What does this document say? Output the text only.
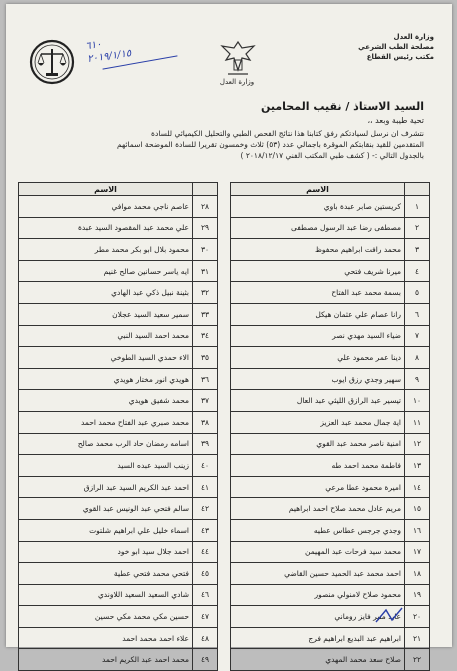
وزارة العدل
مصلحة الطب الشرعي
مكتب رئيس القطاع
وزارة العدل
٦١٠
٢٠١٩/١/١٥
السيد الاستاذ / نقيب المحامين
تحية طيبة وبعد ،،

نتشرف ان نرسل لسيادتكم رفق كتابنا هذا نتائج الفحص الطبي والتحليل الكيميائي للسادة

المتقدمين للقيد بنقابتكم الموقرة باجمالي عدد (٥٣) ثلاث وخمسون تقريرا للسادة الموضحة اسمائهم

بالجدول التالي :- ( كشف طبي المكتب الفني ٢٠١٨/١٢/١٧ )

	الاسم			الاسم
١	كريستين صابر عبدة باوي		٢٨	عاصم ناجي محمد موافي
٢	مصطفى رضا عبد الرسول مصطفى		٢٩	علي محمد عبد المقصود السيد عبدة
٣	محمد رافت ابراهيم محفوظ		٣٠	محمود بلال ابو بكر محمد مطر
٤	ميرنا شريف فتحي		٣١	ايه ياسر حسانين صالح غنيم
٥	بسمة محمد عبد الفتاح		٣٢	بثينة نبيل ذكي عبد الهادي
٦	رانا عصام علي عثمان هيكل		٣٣	سمير سعيد السيد عجلان
٧	ضياء السيد مهدي نصر		٣٤	محمد احمد السيد النبي
٨	دينا عمر محمود علي		٣٥	الاء حمدي السيد الطوخي
٩	سهير وجدي رزق ايوب		٣٦	هويدي انور مختار هويدي
١٠	تيسير عبد الرازق الليثي عبد العال		٣٧	محمد شفيق هويدي
١١	اية جمال محمد عبد العزيز		٣٨	محمد صبري عبد الفتاح محمد احمد
١٢	امنية ناصر محمد عبد القوي		٣٩	اسامه رمضان حاد الرب محمد صالح
١٣	فاطمة محمد احمد طه		٤٠	زينب السيد عبده السيد
١٤	اميرة محمود عطا مرعي		٤١	احمد عبد الكريم السيد عبد الرازق
١٥	مريم عادل محمد صلاح احمد ابراهيم		٤٢	سالم فتحي عبد الونيس عبد القوي
١٦	وجدي جرجس عطاس عطيه		٤٣	اسماء خليل علي ابراهيم شلتوت
١٧	محمد سيد فرحات عبد المهيمن		٤٤	احمد جلال سيد ابو خود
١٨	احمد محمد عبد الحميد حسين القاضي		٤٥	فتحي محمد فتحي عطية
١٩	محمود صلاح لامنولي منصور		٤٦	شادي السعيد السعيد اللاوندي
٢٠	عايد منير فايز روماني		٤٧	حسين مكي محمد مكي حسين
٢١	ابراهيم عبد البديع ابراهيم فرج		٤٨	علاء احمد محمد احمد
٢٢	صلاح سعد محمد المهدي		٤٩	محمد احمد عبد الكريم احمد
